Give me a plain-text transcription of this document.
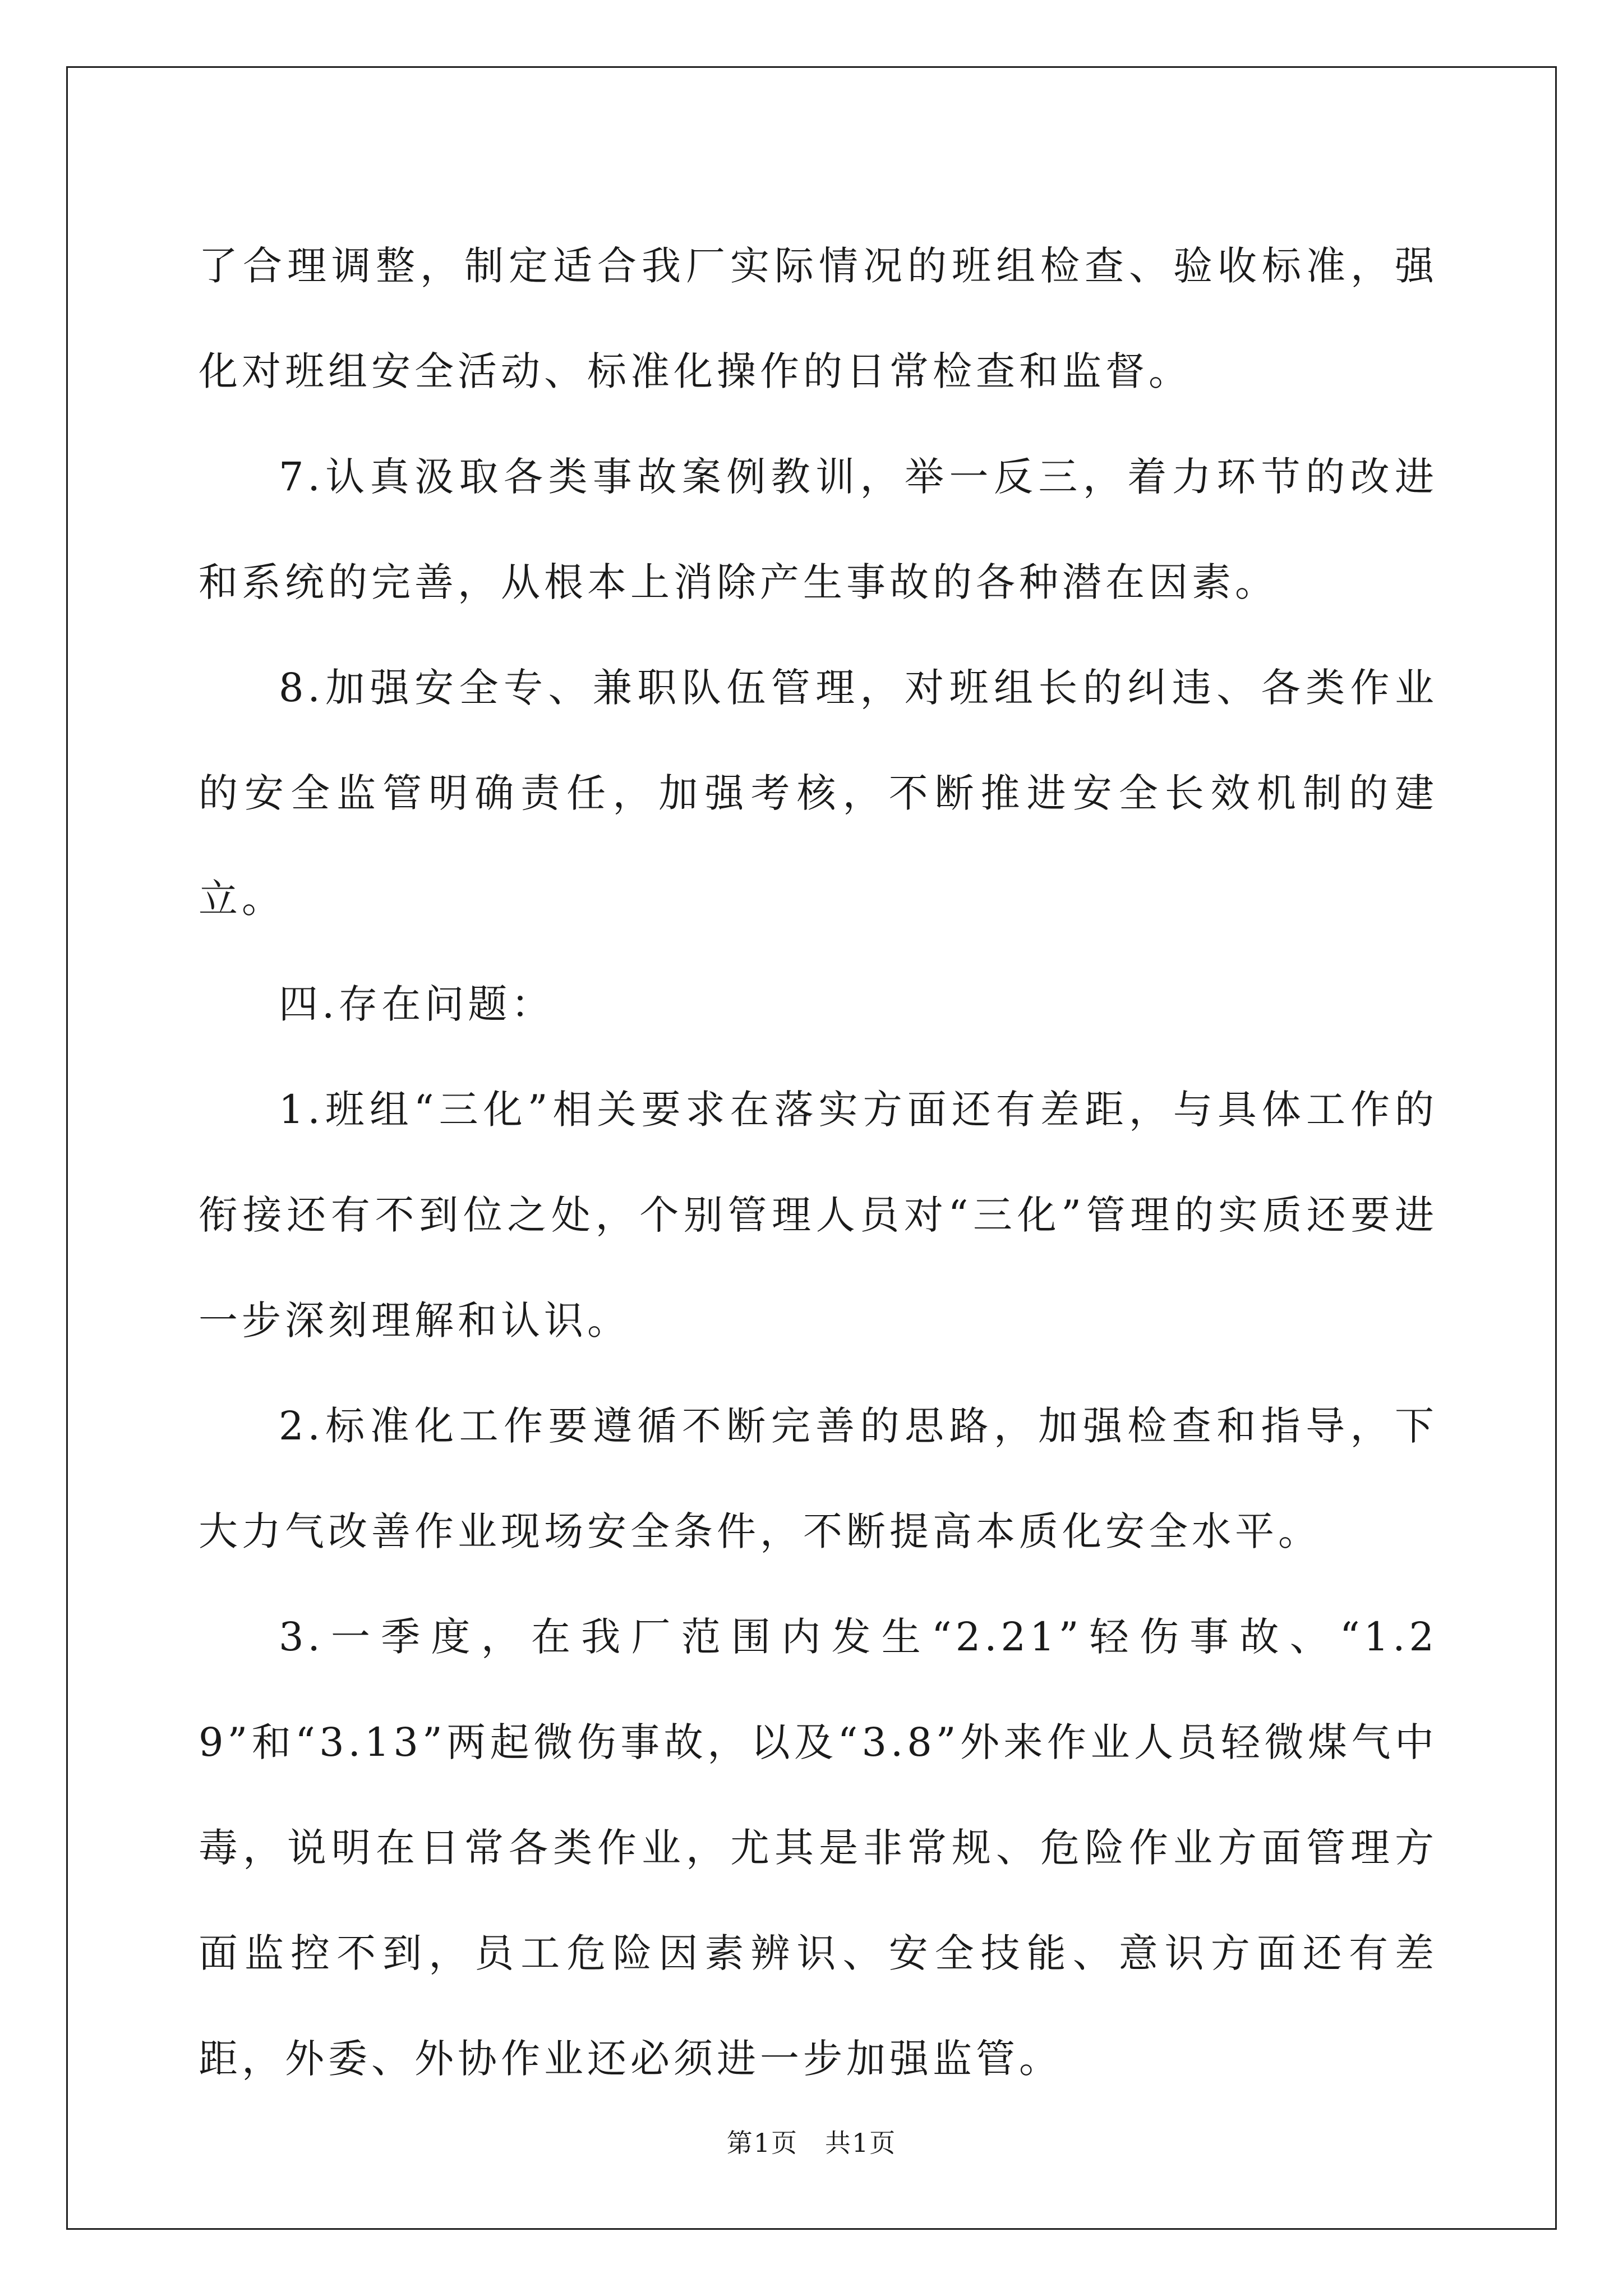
了合理调整，制定适合我厂实际情况的班组检查、验收标准，强化对班组安全活动、标准化操作的日常检查和监督。

7.认真汲取各类事故案例教训，举一反三，着力环节的改进和系统的完善，从根本上消除产生事故的各种潜在因素。

8.加强安全专、兼职队伍管理，对班组长的纠违、各类作业的安全监管明确责任，加强考核，不断推进安全长效机制的建立。

四.存在问题：

1.班组“三化”相关要求在落实方面还有差距，与具体工作的衔接还有不到位之处，个别管理人员对“三化”管理的实质还要进一步深刻理解和认识。

2.标准化工作要遵循不断完善的思路，加强检查和指导，下大力气改善作业现场安全条件，不断提高本质化安全水平。

3.一季度，在我厂范围内发生“2.21”轻伤事故、“1.29”和“3.13”两起微伤事故，以及“3.8”外来作业人员轻微煤气中毒，说明在日常各类作业，尤其是非常规、危险作业方面管理方面监控不到，员工危险因素辨识、安全技能、意识方面还有差距，外委、外协作业还必须进一步加强监管。

第1页　共1页
